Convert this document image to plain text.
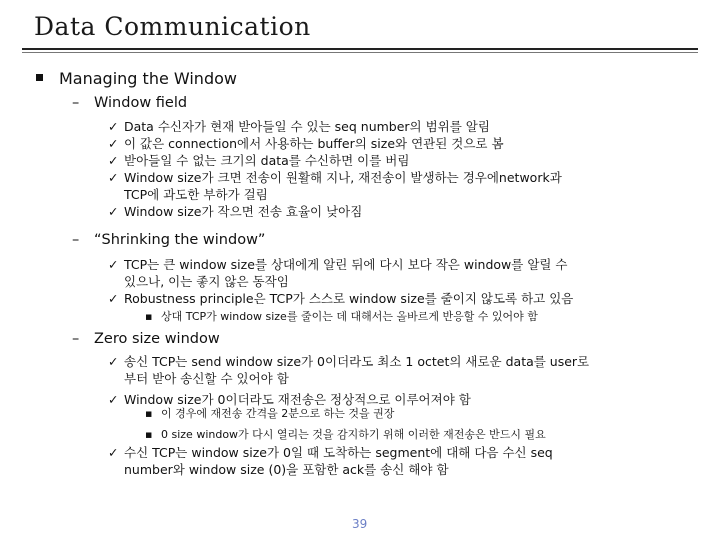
Data Communication
Managing the Window
– Window field
✓ Data 수신자가 현재 받아들일 수 있는 seq number의 범위를 알림
✓ 이 값은 connection에서 사용하는 buffer의 size와 연관된 것으로 봄
✓ 받아들일 수 없는 크기의 data를 수신하면 이를 버림
✓ Window size가 크면 전송이 원활해 지나, 재전송이 발생하는 경우에network과
TCP에 과도한 부하가 걸림
✓ Window size가 작으면 전송 효율이 낮아짐
– “Shrinking the window”
✓ TCP는 큰 window size를 상대에게 알린 뒤에 다시 보다 작은 window를 알릴 수
있으나, 이는 좋지 않은 동작임
✓ Robustness principle은 TCP가 스스로 window size를 줄이지 않도록 하고 있음
▪ 상대 TCP가 window size를 줄이는 데 대해서는 올바르게 반응할 수 있어야 함
– Zero size window
✓ 송신 TCP는 send window size가 0이더라도 최소 1 octet의 새로운 data를 user로
부터 받아 송신할 수 있어야 함
✓ Window size가 0이더라도 재전송은 정상적으로 이루어져야 함
▪ 이 경우에 재전송 간격을 2분으로 하는 것을 권장
▪ 0 size window가 다시 열리는 것을 감지하기 위해 이러한 재전송은 반드시 필요
✓ 수신 TCP는 window size가 0일 때 도착하는 segment에 대해 다음 수신 seq
number와 window size (0)을 포함한 ack를 송신 해야 함
39
